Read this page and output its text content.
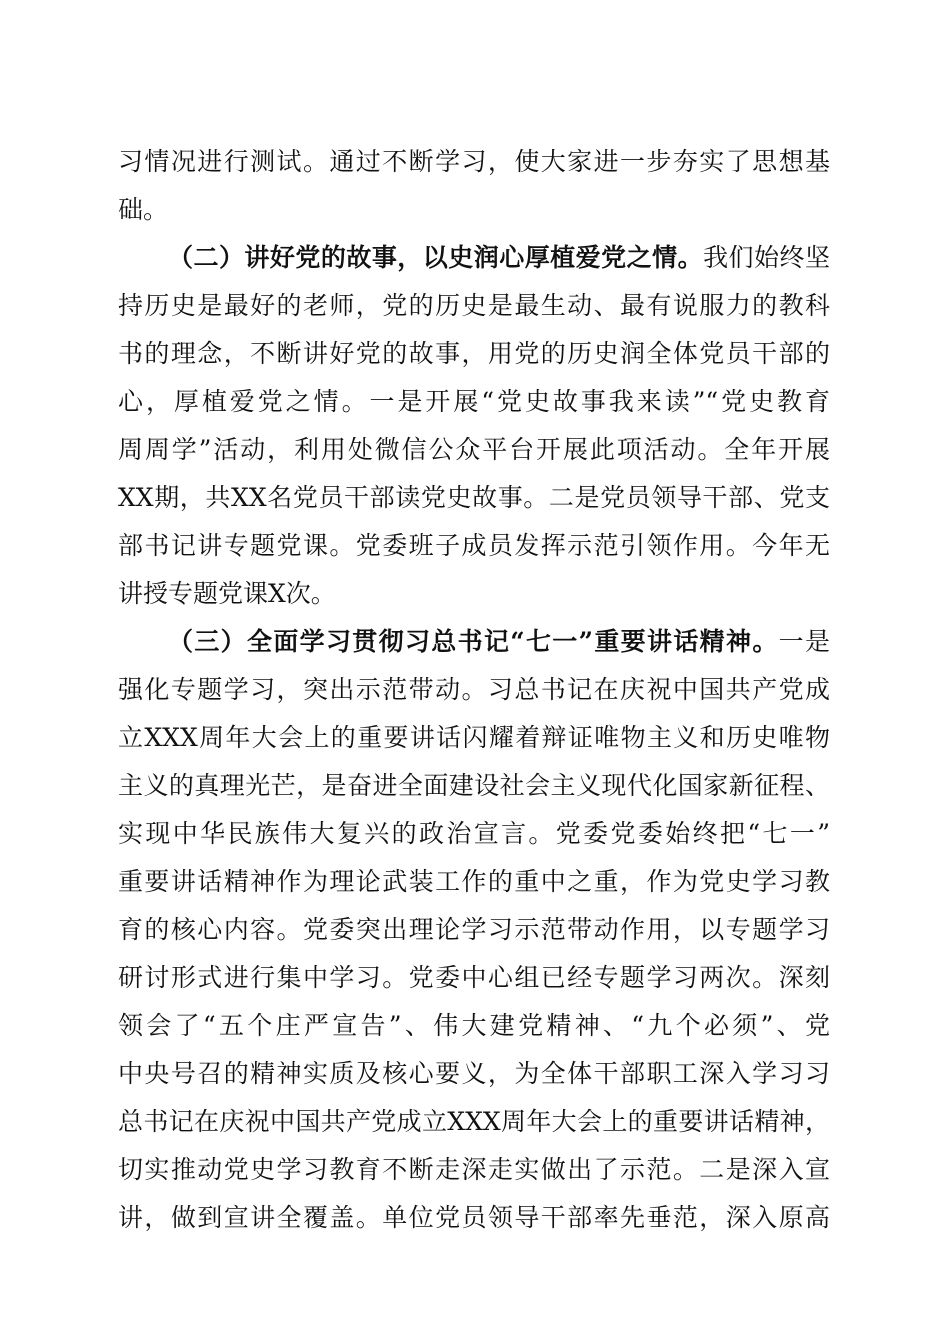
习情况进行测试。通过不断学习，使大家进一步夯实了思想基
础。
（二）讲好党的故事，以史润心厚植爱党之情。我们始终坚
持历史是最好的老师，党的历史是最生动、最有说服力的教科
书的理念，不断讲好党的故事，用党的历史润全体党员干部的
心，厚植爱党之情。一是开展“党史故事我来读”“党史教育
周周学”活动，利用处微信公众平台开展此项活动。全年开展
XX期，共XX名党员干部读党史故事。二是党员领导干部、党支
部书记讲专题党课。党委班子成员发挥示范引领作用。今年无
讲授专题党课X次。
（三）全面学习贯彻习总书记“七一”重要讲话精神。一是
强化专题学习，突出示范带动。习总书记在庆祝中国共产党成
立XXX周年大会上的重要讲话闪耀着辩证唯物主义和历史唯物
主义的真理光芒，是奋进全面建设社会主义现代化国家新征程、
实现中华民族伟大复兴的政治宣言。党委党委始终把“七一”
重要讲话精神作为理论武装工作的重中之重，作为党史学习教
育的核心内容。党委突出理论学习示范带动作用，以专题学习
研讨形式进行集中学习。党委中心组已经专题学习两次。深刻
领会了“五个庄严宣告”、伟大建党精神、“九个必须”、党
中央号召的精神实质及核心要义，为全体干部职工深入学习习
总书记在庆祝中国共产党成立XXX周年大会上的重要讲话精神，
切实推动党史学习教育不断走深走实做出了示范。二是深入宣
讲，做到宣讲全覆盖。单位党员领导干部率先垂范，深入原高
